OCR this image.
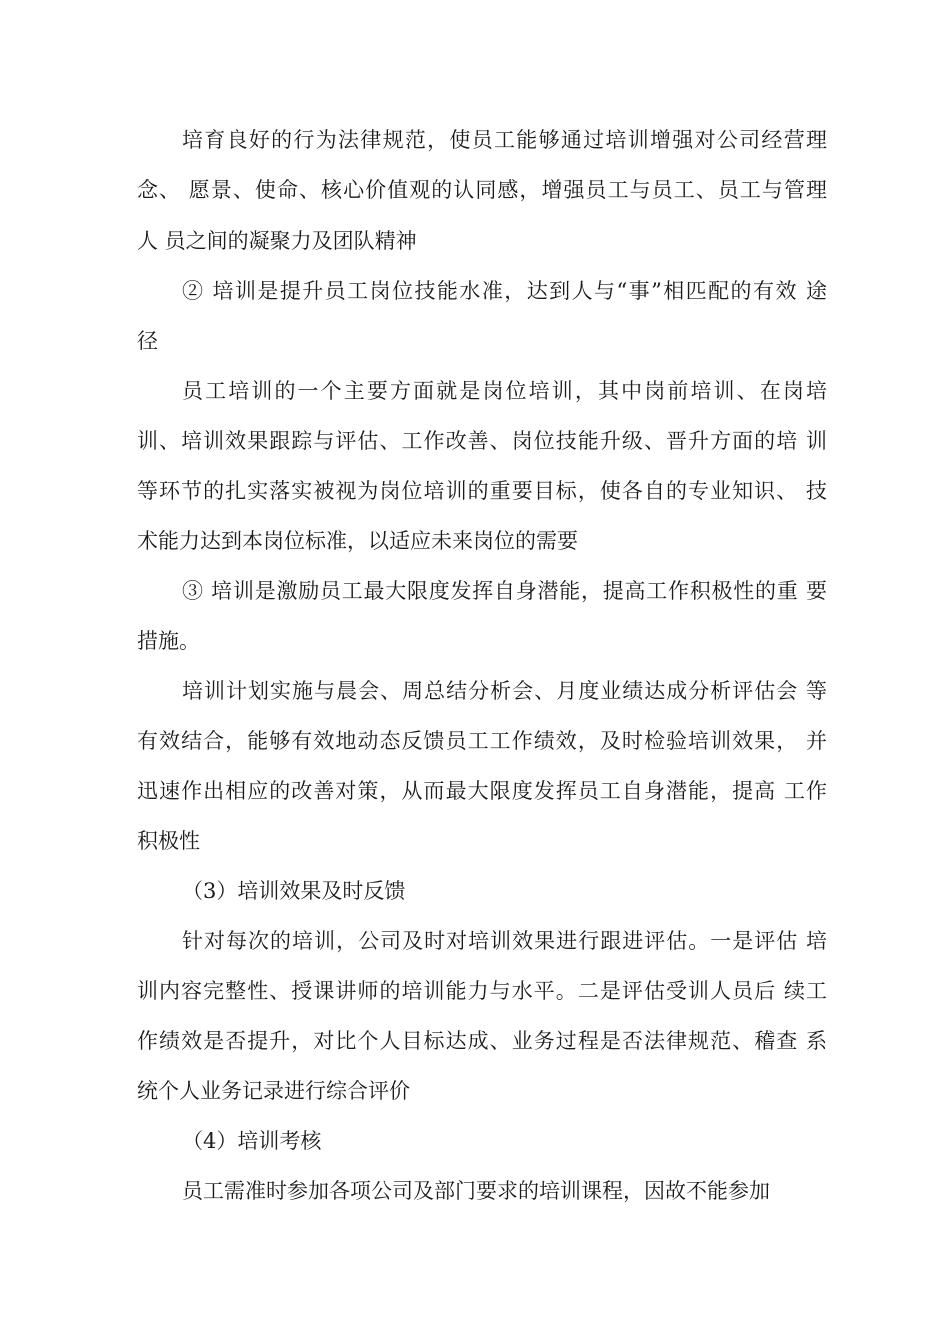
培育良好的行为法律规范，使员工能够通过培训增强对公司经营理
念、 愿景、使命、核心价值观的认同感，增强员工与员工、员工与管理
人 员之间的凝聚力及团队精神
② 培训是提升员工岗位技能水准，达到人与“事”相匹配的有效 途
径
员工培训的一个主要方面就是岗位培训，其中岗前培训、在岗培
训、培训效果跟踪与评估、工作改善、岗位技能升级、晋升方面的培 训
等环节的扎实落实被视为岗位培训的重要目标，使各自的专业知识、 技
术能力达到本岗位标准，以适应未来岗位的需要
③ 培训是激励员工最大限度发挥自身潜能，提高工作积极性的重 要
措施。
培训计划实施与晨会、周总结分析会、月度业绩达成分析评估会 等
有效结合，能够有效地动态反馈员工工作绩效，及时检验培训效果， 并
迅速作出相应的改善对策，从而最大限度发挥员工自身潜能，提高 工作
积极性
（3）培训效果及时反馈
针对每次的培训，公司及时对培训效果进行跟进评估。一是评估 培
训内容完整性、授课讲师的培训能力与水平。二是评估受训人员后 续工
作绩效是否提升，对比个人目标达成、业务过程是否法律规范、稽查 系
统个人业务记录进行综合评价
（4）培训考核
员工需准时参加各项公司及部门要求的培训课程，因故不能参加
